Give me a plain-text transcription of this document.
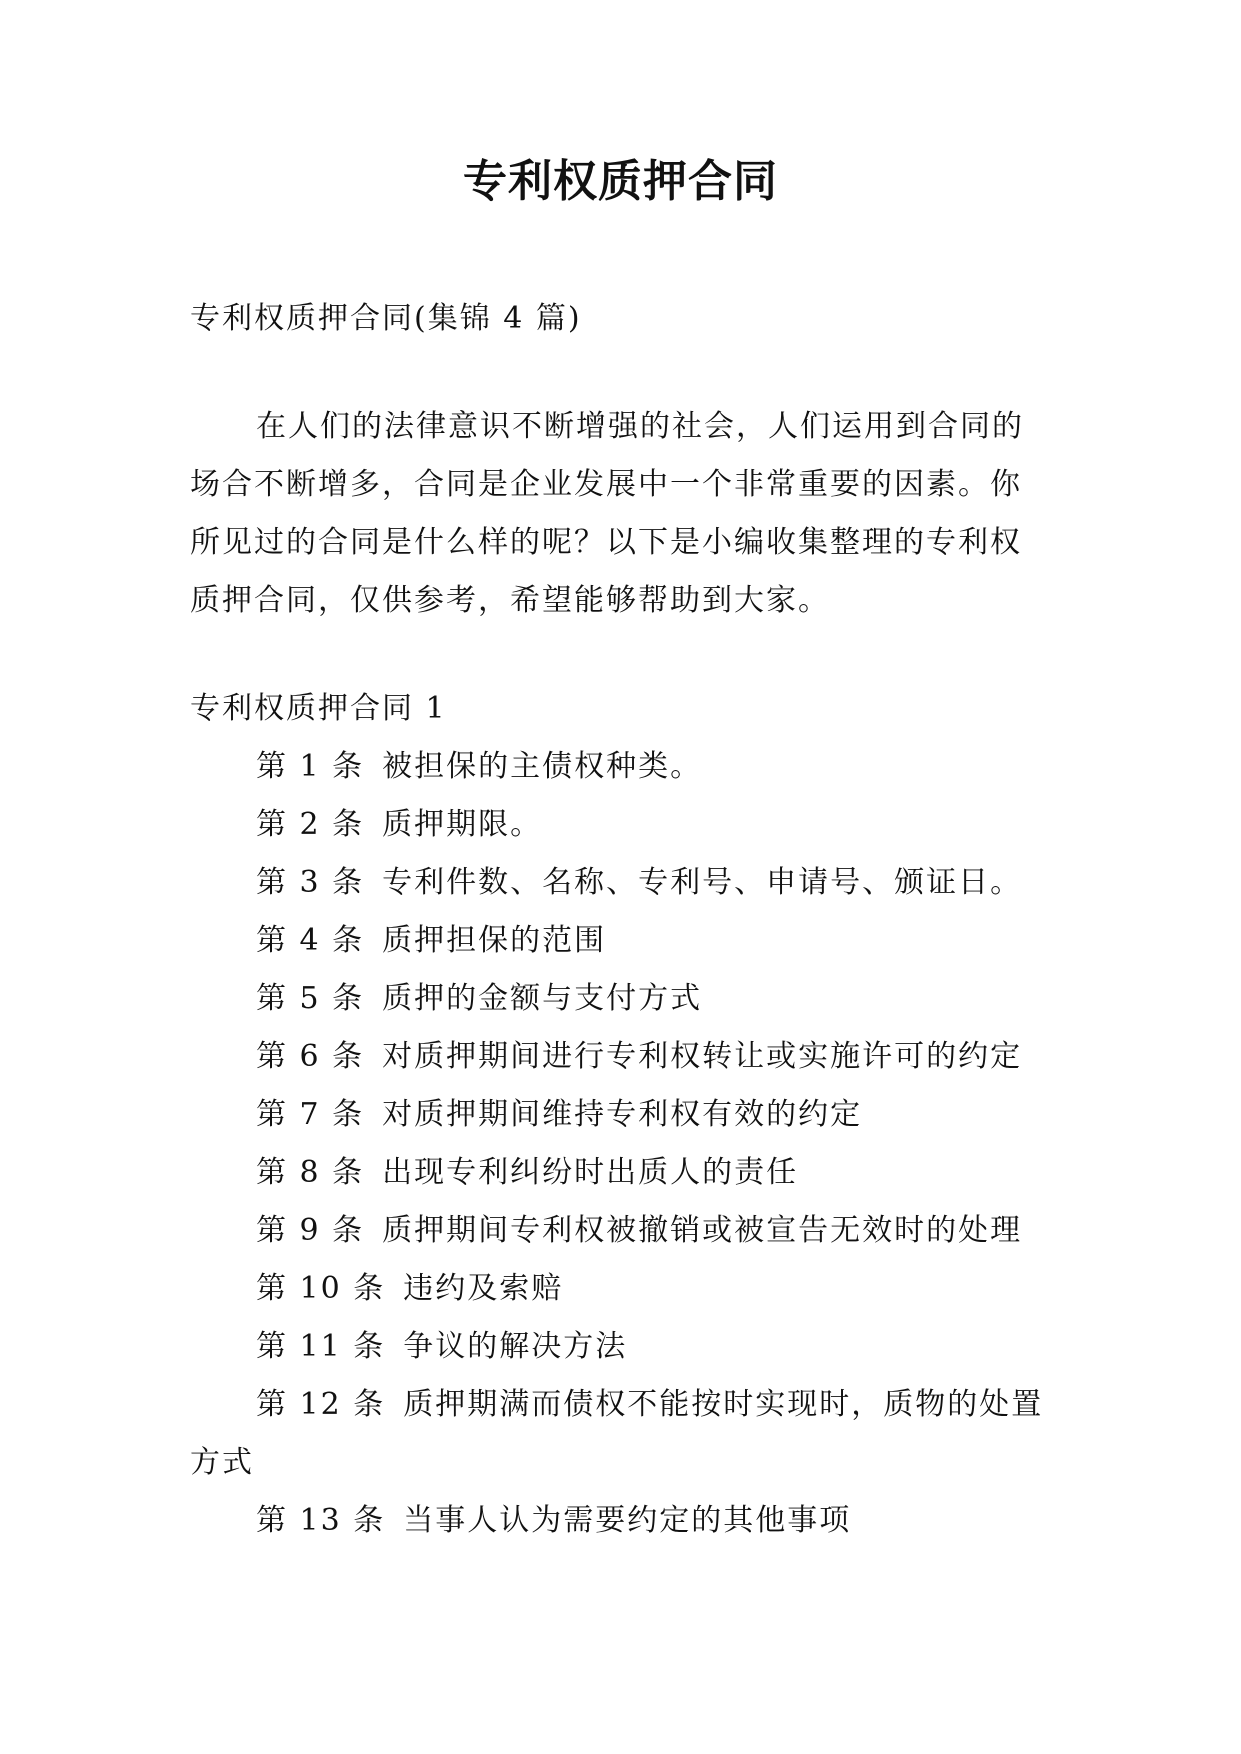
专利权质押合同

专利权质押合同(集锦 4 篇)

在人们的法律意识不断增强的社会，人们运用到合同的场合不断增多，合同是企业发展中一个非常重要的因素。你所见过的合同是什么样的呢？以下是小编收集整理的专利权质押合同，仅供参考，希望能够帮助到大家。

专利权质押合同 1

第 1 条 被担保的主债权种类。
第 2 条 质押期限。
第 3 条 专利件数、名称、专利号、申请号、颁证日。
第 4 条 质押担保的范围
第 5 条 质押的金额与支付方式
第 6 条 对质押期间进行专利权转让或实施许可的约定
第 7 条 对质押期间维持专利权有效的约定
第 8 条 出现专利纠纷时出质人的责任
第 9 条 质押期间专利权被撤销或被宣告无效时的处理
第 10 条 违约及索赔
第 11 条 争议的解决方法
第 12 条 质押期满而债权不能按时实现时，质物的处置方式
第 13 条 当事人认为需要约定的其他事项
